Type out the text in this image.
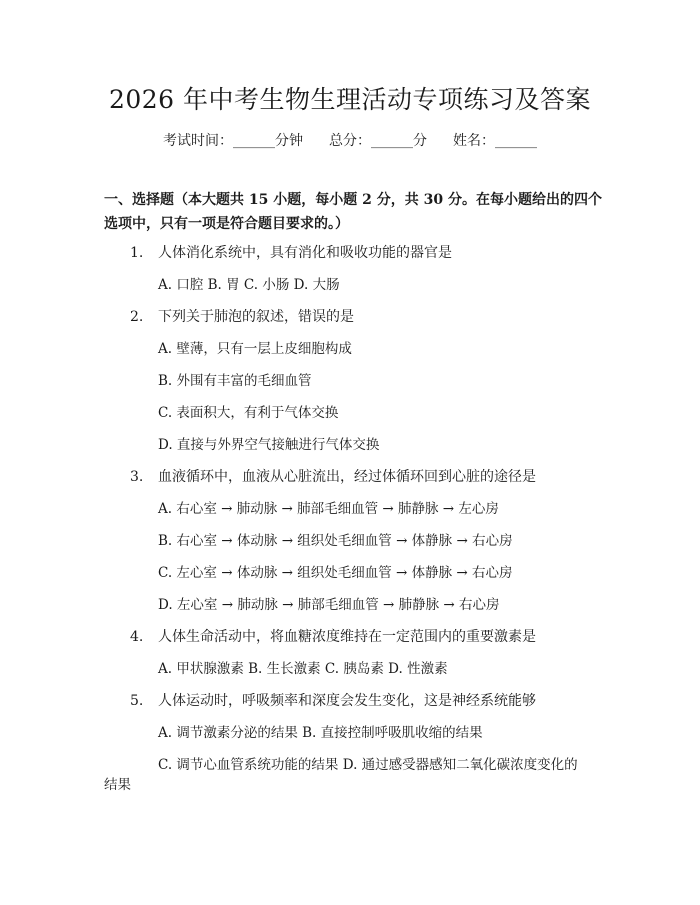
2026 年中考生物生理活动专项练习及答案
考试时间：______分钟 总分：______分 姓名：______
一、选择题（本大题共 15 小题，每小题 2 分，共 30 分。在每小题给出的四个选项中，只有一项是符合题目要求的。）
1. 人体消化系统中，具有消化和吸收功能的器官是
A. 口腔 B. 胃 C. 小肠 D. 大肠
2. 下列关于肺泡的叙述，错误的是
A. 壁薄，只有一层上皮细胞构成
B. 外围有丰富的毛细血管
C. 表面积大，有利于气体交换
D. 直接与外界空气接触进行气体交换
3. 血液循环中，血液从心脏流出，经过体循环回到心脏的途径是
A. 右心室 → 肺动脉 → 肺部毛细血管 → 肺静脉 → 左心房
B. 右心室 → 体动脉 → 组织处毛细血管 → 体静脉 → 右心房
C. 左心室 → 体动脉 → 组织处毛细血管 → 体静脉 → 右心房
D. 左心室 → 肺动脉 → 肺部毛细血管 → 肺静脉 → 右心房
4. 人体生命活动中，将血糖浓度维持在一定范围内的重要激素是
A. 甲状腺激素 B. 生长激素 C. 胰岛素 D. 性激素
5. 人体运动时，呼吸频率和深度会发生变化，这是神经系统能够
A. 调节激素分泌的结果 B. 直接控制呼吸肌收缩的结果
C. 调节心血管系统功能的结果 D. 通过感受器感知二氧化碳浓度变化的
结果
